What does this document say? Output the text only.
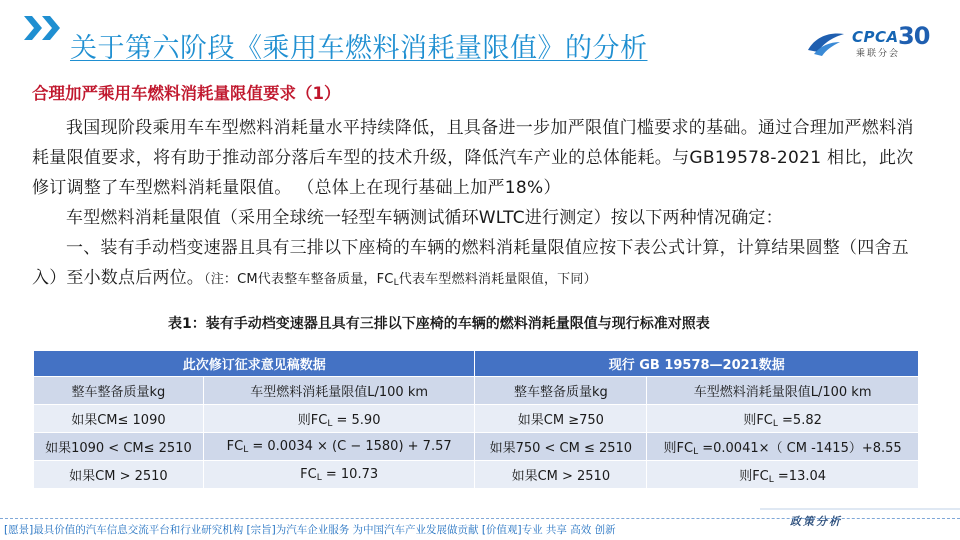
关于第六阶段《乘用车燃料消耗量限值》的分析	CPCA
乘联分会
30
合理加严乘用车燃料消耗量限值要求（1）
我国现阶段乘用车车型燃料消耗量水平持续降低，且具备进一步加严限值门槛要求的基础。通过合理加严燃料消耗量限值要求，将有助于推动部分落后车型的技术升级，降低汽车产业的总体能耗。与GB19578-2021 相比，此次修订调整了车型燃料消耗量限值。 （总体上在现行基础上加严18%）
车型燃料消耗量限值（采用全球统一轻型车辆测试循环WLTC进行测定）按以下两种情况确定：
一、装有手动档变速器且具有三排以下座椅的车辆的燃料消耗量限值应按下表公式计算，计算结果圆整（四舍五入）至小数点后两位。（注：CM代表整车整备质量，$FC_L$代表车型燃料消耗量限值，下同）
表1：装有手动档变速器且具有三排以下座椅的车辆的燃料消耗量限值与现行标准对照表
此次修订征求意见稿数据		现行 GB 19578—2021数据	
整车整备质量kg	车型燃料消耗量限值L/100 km	整车整备质量kg	车型燃料消耗量限值L/100 km
如果CM≤ 1090	则$FC_L = 5.90$	如果CM ≥750	则$FC_L =5.82$
如果1090 < CM≤ 2510	$FC_L = 0.0034 \times (C - 1580) + 7.57$	如果750 < CM ≤ 2510	则$FC_L =0.0041\times$（ CM -1415）+8.55
如果CM > 2510	$FC_L = 10.73$	如果CM > 2510	则$FC_L =13.04$
政策分析
[愿景]最具价值的汽车信息交流平台和行业研究机构 [宗旨]为汽车企业服务 为中国汽车产业发展做贡献 [价值观]专业 共享 高效 创新
